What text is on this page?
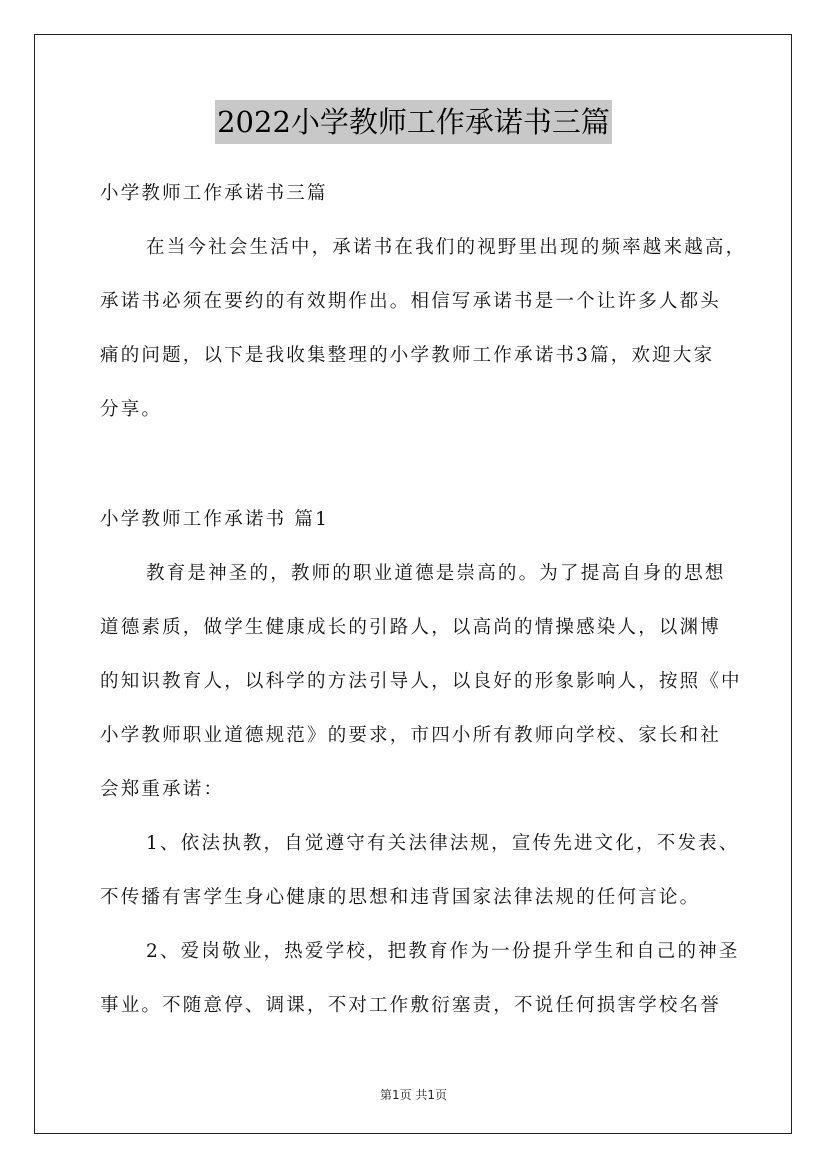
2022小学教师工作承诺书三篇
小学教师工作承诺书三篇
在当今社会生活中，承诺书在我们的视野里出现的频率越来越高，
承诺书必须在要约的有效期作出。相信写承诺书是一个让许多人都头
痛的问题，以下是我收集整理的小学教师工作承诺书3篇，欢迎大家
分享。
小学教师工作承诺书 篇1
教育是神圣的，教师的职业道德是崇高的。为了提高自身的思想
道德素质，做学生健康成长的引路人，以高尚的情操感染人，以渊博
的知识教育人，以科学的方法引导人，以良好的形象影响人，按照《中
小学教师职业道德规范》的要求，市四小所有教师向学校、家长和社
会郑重承诺：
1、依法执教，自觉遵守有关法律法规，宣传先进文化，不发表、
不传播有害学生身心健康的思想和违背国家法律法规的任何言论。
2、爱岗敬业，热爱学校，把教育作为一份提升学生和自己的神圣
事业。不随意停、调课，不对工作敷衍塞责，不说任何损害学校名誉
第1页 共1页
